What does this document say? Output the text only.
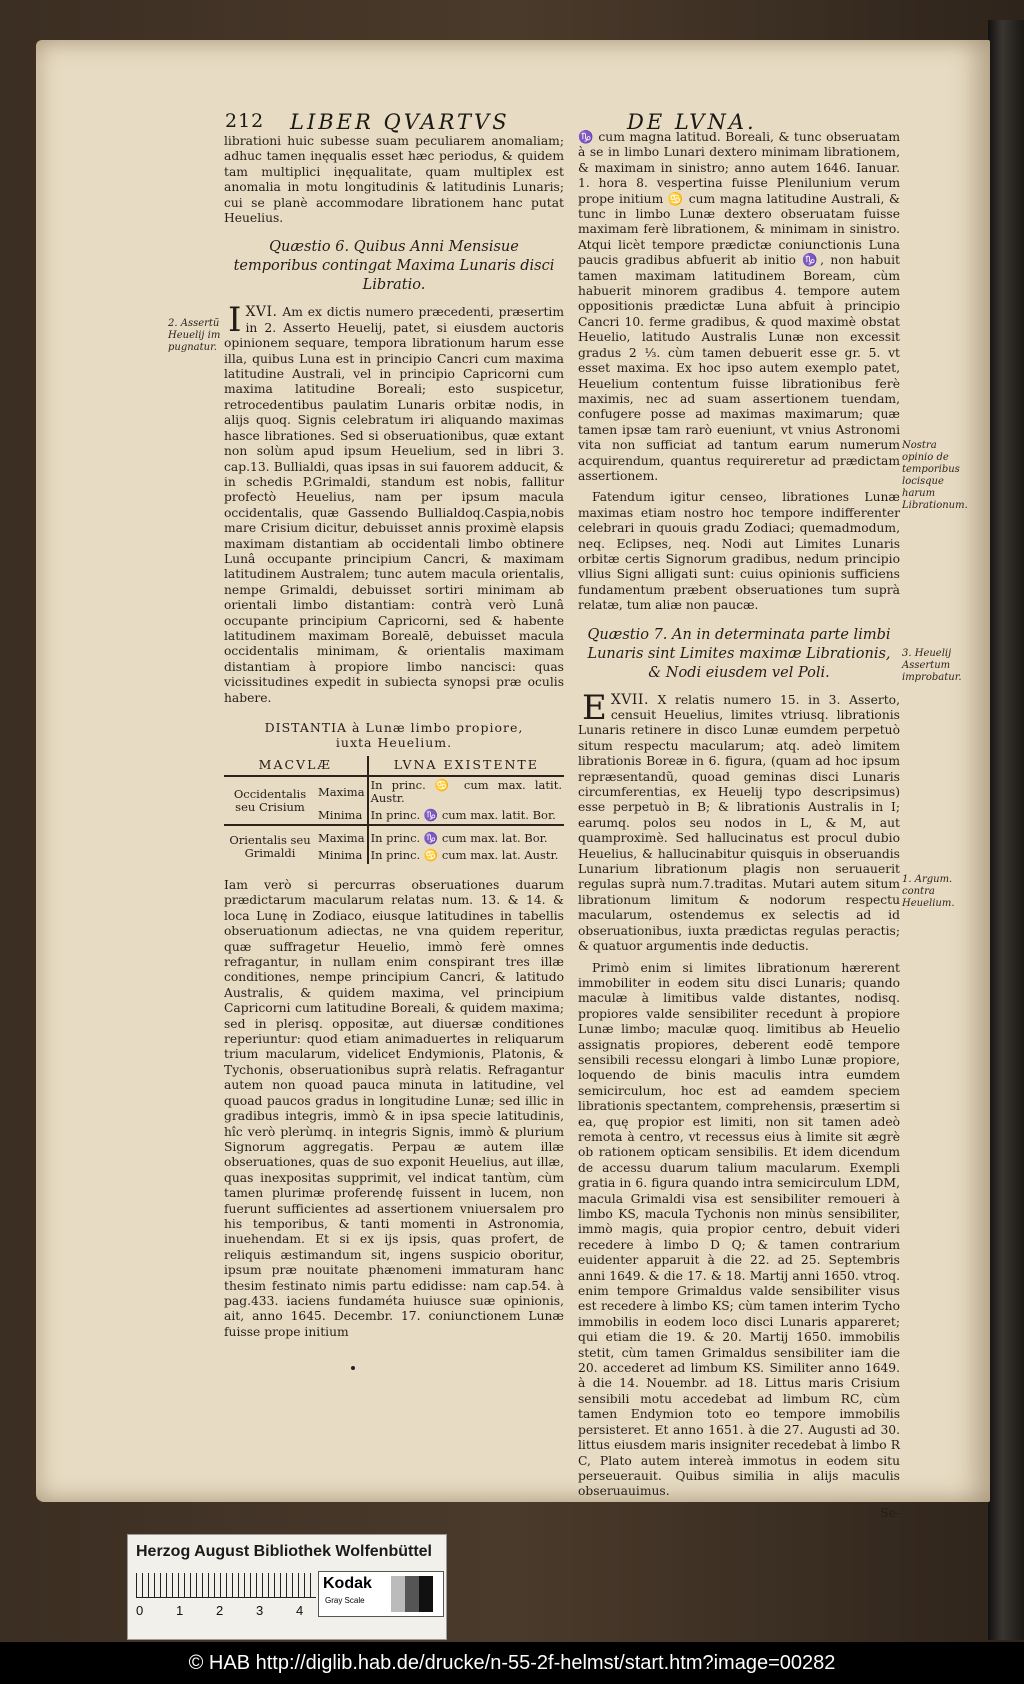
212 LIBER QVARTVS	DE LVNA.
2. Assertũ Heuelij im pugnatur.
Nostra opinio de temporibus locisque harum Librationum.
3. Heuelij Assertum improbatur.
1. Argum. contra Heuelium.

librationi huic subesse suam peculiarem anomaliam; adhuc tamen inęqualis esset hæc periodus, & quidem tam multiplici inęqualitate, quam multiplex est anomalia in motu longitudinis & latitudinis Lunaris; cui se planè accommodare librationem hanc putat Heuelius.

Quæstio 6. Quibus Anni Mensisue temporibus contingat Maxima Lunaris disci Libratio.

XVI.
I	Am ex dictis numero præcedenti, præsertim in 2. Asserto Heuelij, patet, si eiusdem auctoris opinionem sequare, tempora librationum harum esse illa, quibus Luna est in principio Cancri cum maxima latitudine Australi, vel in principio Capricorni cum maxima latitudine Boreali; esto suspicetur, retrocedentibus paulatim Lunaris orbitæ nodis, in alijs quoq. Signis celebratum iri aliquando maximas hasce librationes. Sed si obseruationibus, quæ extant non solùm apud ipsum Heuelium, sed in libri 3. cap.13. Bullialdi, quas ipsas in sui fauorem adducit, & in schedis P.Grimaldi, standum est nobis, fallitur profectò Heuelius, nam per ipsum macula occidentalis, quæ Gassendo Bullialdoq.Caspia,nobis mare Crisium dicitur, debuisset annis proximè elapsis maximam distantiam ab occidentali limbo obtinere Lunâ occupante principium Cancri, & maximam latitudinem Australem; tunc autem macula orientalis, nempe Grimaldi, debuisset sortiri minimam ab orientali limbo distantiam: contrà verò Lunâ occupante principium Capricorni, sed & habente latitudinem maximam Borealē, debuisset macula occidentalis minimam, & orientalis maximam distantiam à propiore limbo nancisci: quas vicissitudines expedit in subiecta synopsi præ oculis habere.

DISTANTIA à Lunæ limbo propiore,
iuxta Heuelium.
MACVLÆ		LVNA EXISTENTE
Occidentalis seu Crisium	Maxima	In princ. ♋ cum max. latit. Austr.
	Minima	In princ. ♑ cum max. latit. Bor.

Orientalis seu Grimaldi	Maxima	In princ. ♑ cum max. lat. Bor.
	Minima	In princ. ♋ cum max. lat. Austr.

Iam verò si percurras obseruationes duarum prædictarum macularum relatas num. 13. & 14. & loca Lunę in Zodiaco, eiusque latitudines in tabellis obseruationum adiectas, ne vna quidem reperitur, quæ suffragetur Heuelio, immò ferè omnes refragantur, in nullam enim conspirant tres illæ conditiones, nempe principium Cancri, & latitudo Australis, & quidem maxima, vel principium Capricorni cum latitudine Boreali, & quidem maxima; sed in plerisq. oppositæ, aut diuersæ conditiones reperiuntur: quod etiam animaduertes in reliquarum trium macularum, videlicet Endymionis, Platonis, & Tychonis, obseruationibus suprà relatis. Refragantur autem non quoad pauca minuta in latitudine, vel quoad paucos gradus in longitudine Lunæ; sed illic in gradibus integris, immò & in ipsa specie latitudinis, hîc verò plerùmq. in integris Signis, immò & plurium Signorum aggregatis. Perpau æ autem illæ obseruationes, quas de suo exponit Heuelius, aut illæ, quas inexpositas supprimit, vel indicat tantùm, cùm tamen plurimæ proferendę fuissent in lucem, non fuerunt sufficientes ad assertionem vniuersalem pro his temporibus, & tanti momenti in Astronomia, inuehendam. Et si ex ijs ipsis, quas profert, de reliquis æstimandum sit, ingens suspicio oboritur, ipsum præ nouitate phænomeni immaturam hanc thesim festinato nimis partu edidisse: nam cap.54. à pag.433. iaciens fundaméta huiusce suæ opinionis, ait, anno 1645. Decembr. 17. coniunctionem Lunæ fuisse prope initium

♑ cum magna latitud. Boreali, & tunc obseruatam à se in limbo Lunari dextero minimam librationem, & maximam in sinistro; anno autem 1646. Ianuar. 1. hora 8. vespertina fuisse Plenilunium verum prope initium ♋ cum magna latitudine Australi, & tunc in limbo Lunæ dextero obseruatam fuisse maximam ferè librationem, & minimam in sinistro. Atqui licèt tempore prædictæ coniunctionis Luna paucis gradibus abfuerit ab initio ♑, non habuit tamen maximam latitudinem Boream, cùm habuerit minorem gradibus 4. tempore autem oppositionis prædictæ Luna abfuit à principio Cancri 10. ferme gradibus, & quod maximè obstat Heuelio, latitudo Australis Lunæ non excessit gradus 2 ⅓. cùm tamen debuerit esse gr. 5. vt esset maxima. Ex hoc ipso autem exemplo patet, Heuelium contentum fuisse librationibus ferè maximis, nec ad suam assertionem tuendam, confugere posse ad maximas maximarum; quæ tamen ipsæ tam rarò eueniunt, vt vnius Astronomi vita non sufficiat ad tantum earum numerum acquirendum, quantus requireretur ad prædictam assertionem.

Fatendum igitur censeo, librationes Lunæ maximas etiam nostro hoc tempore indifferenter celebrari in quouis gradu Zodiaci; quemadmodum, neq. Eclipses, neq. Nodi aut Limites Lunaris orbitæ certis Signorum gradibus, nedum principio vllius Signi alligati sunt: cuius opinionis sufficiens fundamentum præbent obseruationes tum suprà relatæ, tum aliæ non paucæ.

Quæstio 7. An in determinata parte limbi Lunaris sint Limites maximæ Librationis, & Nodi eiusdem vel Poli.

XVII.
E	X relatis numero 15. in 3. Asserto, censuit Heuelius, limites vtriusq. librationis Lunaris retinere in disco Lunæ eumdem perpetuò situm respectu macularum; atq. adeò limitem librationis Boreæ in 6. figura, (quam ad hoc ipsum repræsentandũ, quoad geminas disci Lunaris circumferentias, ex Heuelij typo descripsimus) esse perpetuò in B; & librationis Australis in I; earumq. polos seu nodos in L, & M, aut quamproximè. Sed hallucinatus est procul dubio Heuelius, & hallucinabitur quisquis in obseruandis Lunarium librationum plagis non seruauerit regulas suprà num.7.traditas. Mutari autem situm librationum limitum & nodorum respectu macularum, ostendemus ex selectis ad id obseruationibus, iuxta prædictas regulas peractis; & quatuor argumentis inde deductis.

Primò enim si limites librationum hærerent immobiliter in eodem situ disci Lunaris; quando maculæ à limitibus valde distantes, nodisq. propiores valde sensibiliter recedunt à propiore Lunæ limbo; maculæ quoq. limitibus ab Heuelio assignatis propiores, deberent eodē tempore sensibili recessu elongari à limbo Lunæ propiore, loquendo de binis maculis intra eumdem semicirculum, hoc est ad eamdem speciem librationis spectantem, comprehensis, præsertim si ea, quę propior est limiti, non sit tamen adeò remota à centro, vt recessus eius à limite sit ægrè ob rationem opticam sensibilis. Et idem dicendum de accessu duarum talium macularum. Exempli gratia in 6. figura quando intra semicirculum LDM, macula Grimaldi visa est sensibiliter remoueri à limbo KS, macula Tychonis non minùs sensibiliter, immò magis, quia propior centro, debuit videri recedere à limbo D Q; & tamen contrarium euidenter apparuit à die 22. ad 25. Septembris anni 1649. & die 17. & 18. Martij anni 1650. vtroq. enim tempore Grimaldus valde sensibiliter visus est recedere à limbo KS; cùm tamen interim Tycho immobilis in eodem loco disci Lunaris appareret; qui etiam die 19. & 20. Martij 1650. immobilis stetit, cùm tamen Grimaldus sensibiliter iam die 20. accederet ad limbum KS. Similiter anno 1649. à die 14. Nouembr. ad 18. Littus maris Crisium sensibili motu accedebat ad limbum RC, cùm tamen Endymion toto eo tempore immobilis persisteret. Et anno 1651. à die 27. Augusti ad 30. littus eiusdem maris insigniter recedebat à limbo R C, Plato autem intereà immotus in eodem situ perseuerauit. Quibus similia in alijs maculis obseruauimus.

Se-

Herzog August Bibliothek Wolfenbüttel
0	1	2	3	4
Kodak
Gray Scale
© HAB http://diglib.hab.de/drucke/n-55-2f-helmst/start.htm?image=00282
